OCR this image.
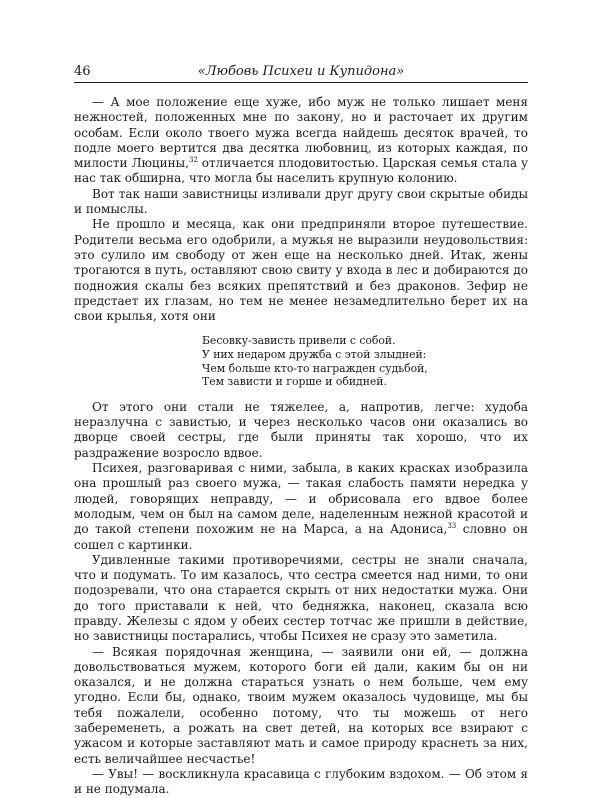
46	«Любовь Психеи и Купидона»

— А мое положение еще хуже, ибо муж не только лишает меня нежностей, положенных мне по закону, но и расточает их другим особам. Если около твоего мужа всегда найдешь десяток врачей, то подле моего вертится два десятка любовниц, из которых каждая, по милости Люцины,$^{32}$ отличается плодовитостью. Царская семья стала у нас так обширна, что могла бы населить крупную колонию.

Вот так наши завистницы изливали друг другу свои скрытые обиды и помыслы.

Не прошло и месяца, как они предприняли второе путешествие. Родители весьма его одобрили, а мужья не выразили неудовольствия: это сулило им свободу от жен еще на несколько дней. Итак, жены трогаются в путь, оставляют свою свиту у входа в лес и добираются до подножия скалы без всяких препятствий и без драконов. Зефир не предстает их глазам, но тем не менее незамедлительно берет их на свои крылья, хотя они

Бесовку-зависть привели с собой.
У них недаром дружба с этой злыдней:
Чем больше кто-то награжден судьбой,
Тем зависти и горше и обидней.

От этого они стали не тяжелее, а, напротив, легче: худоба неразлучна с завистью, и через несколько часов они оказались во дворце своей сестры, где были приняты так хорошо, что их раздражение возросло вдвое.

Психея, разговаривая с ними, забыла, в каких красках изобразила она прошлый раз своего мужа, — такая слабость памяти нередка у людей, говорящих неправду, — и обрисовала его вдвое более молодым, чем он был на самом деле, наделенным нежной красотой и до такой степени похожим не на Марса, а на Адониса,$^{33}$ словно он сошел с картинки.

Удивленные такими противоречиями, сестры не знали сначала, что и подумать. То им казалось, что сестра смеется над ними, то они подозревали, что она старается скрыть от них недостатки мужа. Они до того приставали к ней, что бедняжка, наконец, сказала всю правду. Железы с ядом у обеих сестер тотчас же пришли в действие, но завистницы постарались, чтобы Психея не сразу это заметила.

— Всякая порядочная женщина, — заявили они ей, — должна довольствоваться мужем, которого боги ей дали, каким бы он ни оказался, и не должна стараться узнать о нем больше, чем ему угодно. Если бы, однако, твоим мужем оказалось чудовище, мы бы тебя пожалели, особенно потому, что ты можешь от него забеременеть, а рожать на свет детей, на которых все взирают с ужасом и которые заставляют мать и самое природу краснеть за них, есть величайшее несчастье!

— Увы! — воскликнула красавица с глубоким вздохом. — Об этом я и не подумала.
